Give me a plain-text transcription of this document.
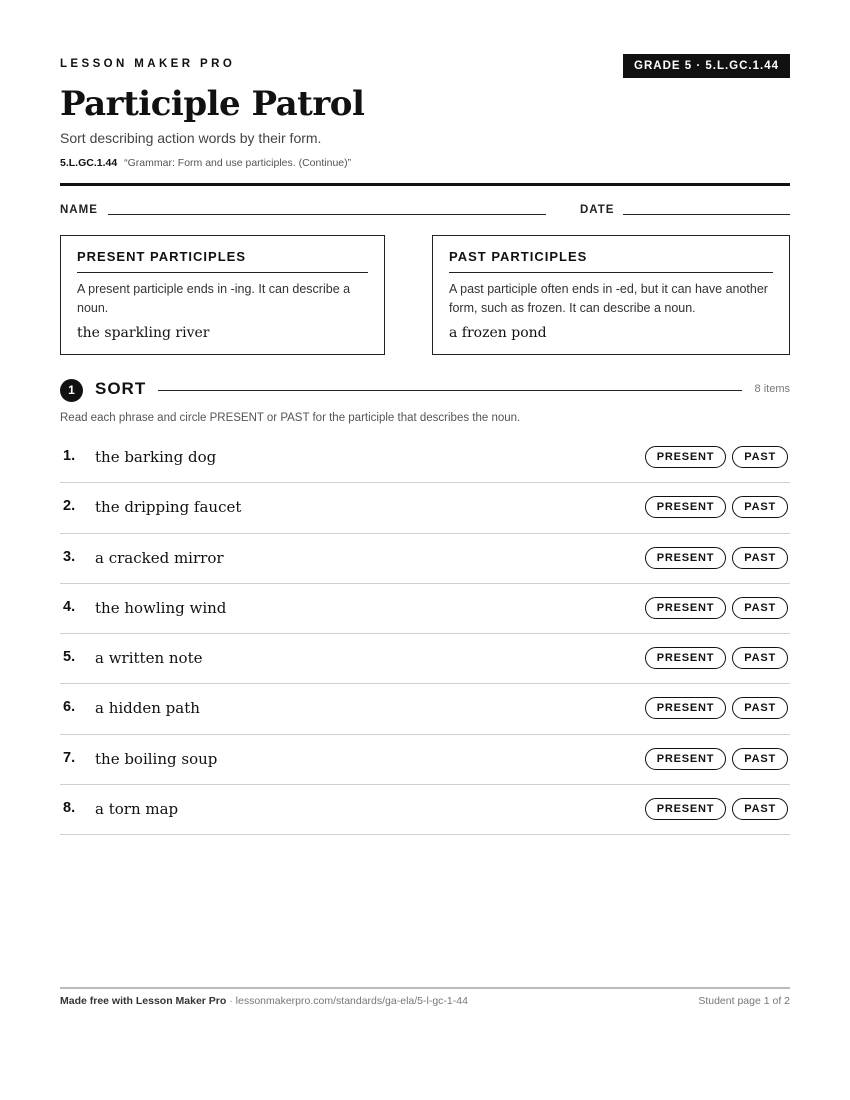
LESSON MAKER PRO	GRADE 5 · 5.L.GC.1.44
Participle Patrol
Sort describing action words by their form.
5.L.GC.1.44 “Grammar: Form and use participles. (Continue)”
NAME	DATE
PRESENT PARTICIPLES
A present participle ends in -ing. It can describe a noun.
the sparkling river
PAST PARTICIPLES
A past participle often ends in -ed, but it can have another form, such as frozen. It can describe a noun.
a frozen pond
1	SORT	8 items
Read each phrase and circle PRESENT or PAST for the participle that describes the noun.
1. the barking dog	PRESENT	PAST
2. the dripping faucet	PRESENT	PAST
3. a cracked mirror	PRESENT	PAST
4. the howling wind	PRESENT	PAST
5. a written note	PRESENT	PAST
6. a hidden path	PRESENT	PAST
7. the boiling soup	PRESENT	PAST
8. a torn map	PRESENT	PAST
Made free with Lesson Maker Pro · lessonmakerpro.com/standards/ga-ela/5-l-gc-1-44	Student page 1 of 2
